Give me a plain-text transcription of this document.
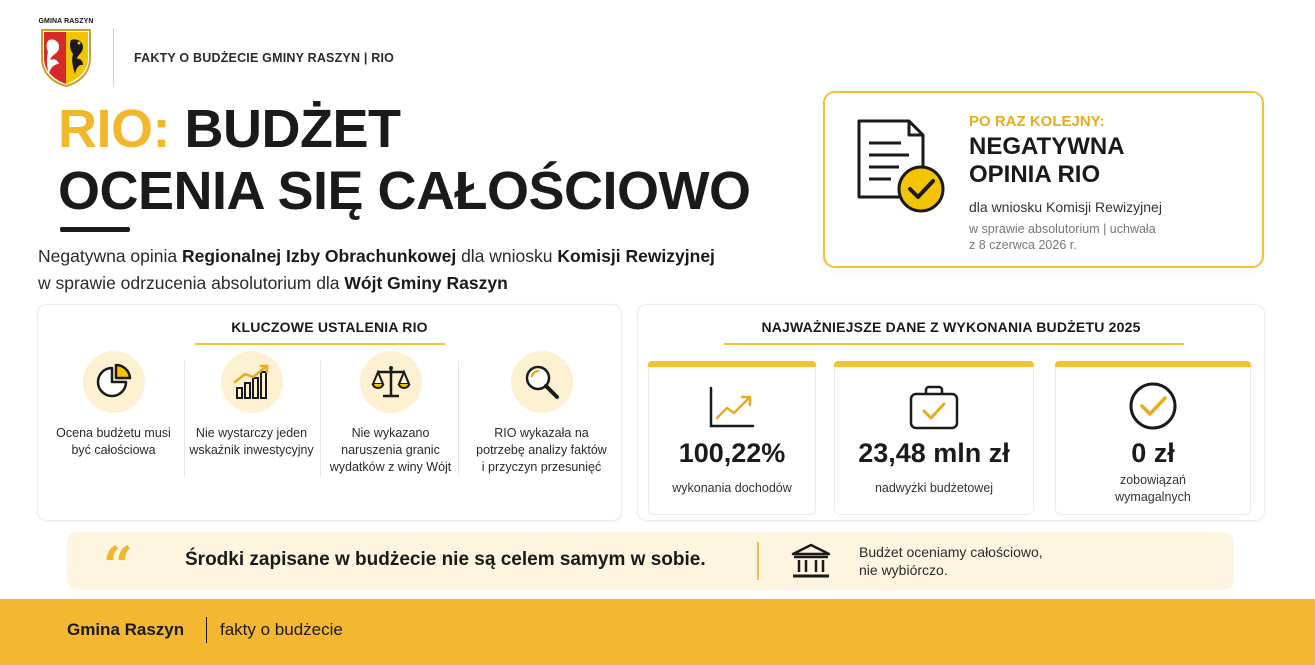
GMINA RASZYN
FAKTY O BUDŻECIE GMINY RASZYN | RIO
RIO: BUDŻET
OCENIA SIĘ CAŁOŚCIOWO
Negatywna opinia Regionalnej Izby Obrachunkowej dla wniosku Komisji Rewizyjnej
w sprawie odrzucenia absolutorium dla Wójt Gminy Raszyn
PO RAZ KOLEJNY:
NEGATYWNA
OPINIA RIO
dla wniosku Komisji Rewizyjnej
w sprawie absolutorium | uchwała
z 8 czerwca 2026 r.
KLUCZOWE USTALENIA RIO
Ocena budżetu musi być całościowa
Nie wystarczy jeden wskaźnik inwestycyjny
Nie wykazano naruszenia granic wydatków z winy Wójt
RIO wykazała na potrzebę analizy faktów i przyczyn przesunięć
NAJWAŻNIEJSZE DANE Z WYKONANIA BUDŻETU 2025
100,22%
wykonania dochodów
23,48 mln zł
nadwyżki budżetowej
0 zł
zobowiązań
wymagalnych
“	Środki zapisane w budżecie nie są celem samym w sobie.	Budżet oceniamy całościowo,
nie wybiórczo.
Gmina Raszyn fakty o budżecie
